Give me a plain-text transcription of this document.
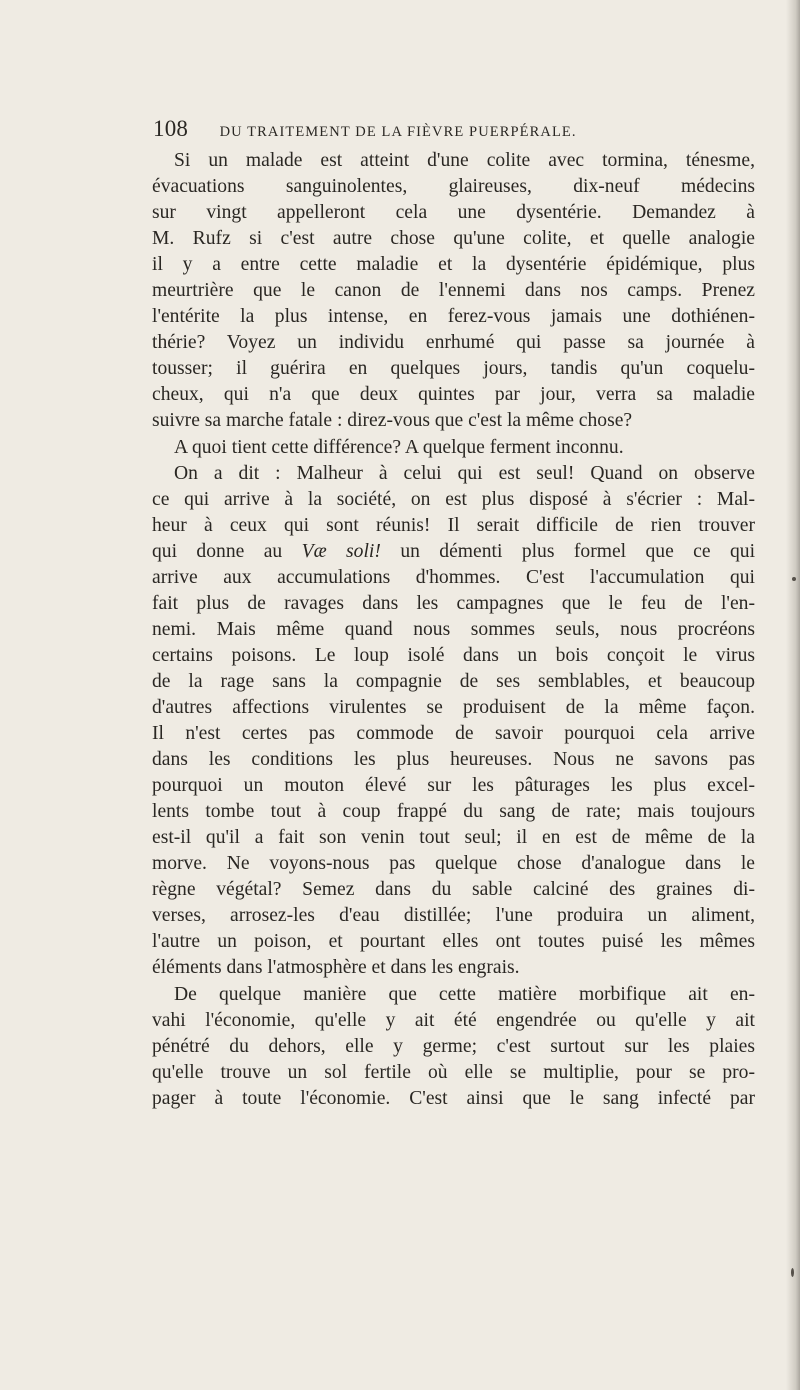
108 DU TRAITEMENT DE LA FIÈVRE PUERPÉRALE.
Si un malade est atteint d'une colite avec tormina, ténesme,
évacuations sanguinolentes, glaireuses, dix-neuf médecins
sur vingt appelleront cela une dysentérie. Demandez à
M. Rufz si c'est autre chose qu'une colite, et quelle analogie
il y a entre cette maladie et la dysentérie épidémique, plus
meurtrière que le canon de l'ennemi dans nos camps. Prenez
l'entérite la plus intense, en ferez-vous jamais une dothiénen-
thérie? Voyez un individu enrhumé qui passe sa journée à
tousser; il guérira en quelques jours, tandis qu'un coquelu-
cheux, qui n'a que deux quintes par jour, verra sa maladie
suivre sa marche fatale : direz-vous que c'est la même chose?
A quoi tient cette différence? A quelque ferment inconnu.
On a dit : Malheur à celui qui est seul! Quand on observe
ce qui arrive à la société, on est plus disposé à s'écrier : Mal-
heur à ceux qui sont réunis! Il serait difficile de rien trouver
qui donne au Væ soli! un démenti plus formel que ce qui
arrive aux accumulations d'hommes. C'est l'accumulation qui
fait plus de ravages dans les campagnes que le feu de l'en-
nemi. Mais même quand nous sommes seuls, nous procréons
certains poisons. Le loup isolé dans un bois conçoit le virus
de la rage sans la compagnie de ses semblables, et beaucoup
d'autres affections virulentes se produisent de la même façon.
Il n'est certes pas commode de savoir pourquoi cela arrive
dans les conditions les plus heureuses. Nous ne savons pas
pourquoi un mouton élevé sur les pâturages les plus excel-
lents tombe tout à coup frappé du sang de rate; mais toujours
est-il qu'il a fait son venin tout seul; il en est de même de la
morve. Ne voyons-nous pas quelque chose d'analogue dans le
règne végétal? Semez dans du sable calciné des graines di-
verses, arrosez-les d'eau distillée; l'une produira un aliment,
l'autre un poison, et pourtant elles ont toutes puisé les mêmes
éléments dans l'atmosphère et dans les engrais.
De quelque manière que cette matière morbifique ait en-
vahi l'économie, qu'elle y ait été engendrée ou qu'elle y ait
pénétré du dehors, elle y germe; c'est surtout sur les plaies
qu'elle trouve un sol fertile où elle se multiplie, pour se pro-
pager à toute l'économie. C'est ainsi que le sang infecté par
